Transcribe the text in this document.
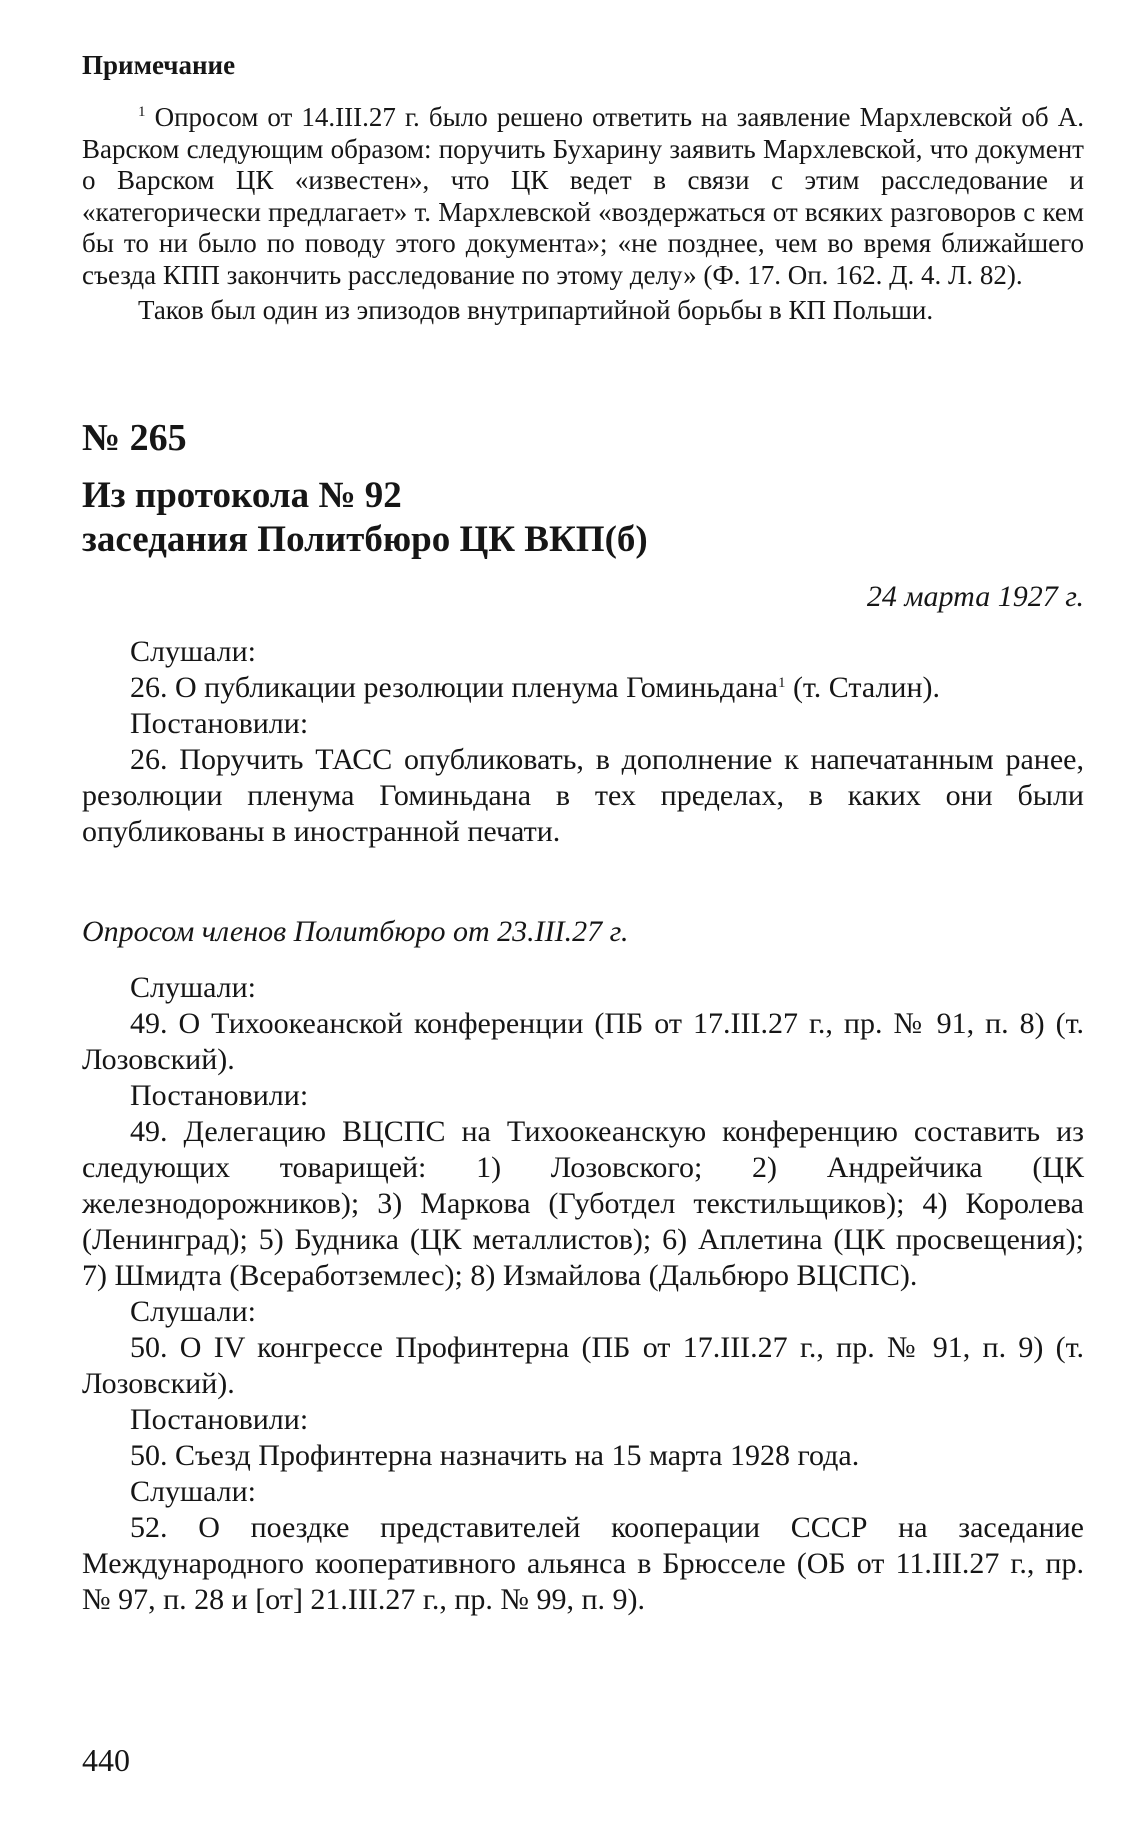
Примечание

$^1$ Опросом от 14.III.27 г. было решено ответить на заявление Мархлевской об А. Варском следующим образом: поручить Бухарину заявить Мархлевской, что документ о Варском ЦК «известен», что ЦК ведет в связи с этим расследование и «категорически предлагает» т. Мархлевской «воздержаться от всяких разговоров с кем бы то ни было по поводу этого документа»; «не позднее, чем во время ближайшего съезда КПП закончить расследование по этому делу» (Ф. 17. Оп. 162. Д. 4. Л. 82).

Таков был один из эпизодов внутрипартийной борьбы в КП Польши.

№ 265
Из протокола № 92
заседания Политбюро ЦК ВКП(б)
24 марта 1927 г.
Слушали:

26. О публикации резолюции пленума Гоминьдана$^1$ (т. Сталин).

Постановили:

26. Поручить ТАСС опубликовать, в дополнение к напечатанным ранее, резолюции пленума Гоминьдана в тех пределах, в каких они были опубликованы в иностранной печати.

Опросом членов Политбюро от 23.III.27 г.
Слушали:

49. О Тихоокеанской конференции (ПБ от 17.III.27 г., пр. № 91, п. 8) (т. Лозовский).

Постановили:

49. Делегацию ВЦСПС на Тихоокеанскую конференцию составить из следующих товарищей: 1) Лозовского; 2) Андрейчика (ЦК железнодорожников); 3) Маркова (Губотдел текстильщиков); 4) Королева (Ленинград); 5) Будника (ЦК металлистов); 6) Аплетина (ЦК просвещения); 7) Шмидта (Всеработземлес); 8) Измайлова (Дальбюро ВЦСПС).

Слушали:

50. О IV конгрессе Профинтерна (ПБ от 17.III.27 г., пр. № 91, п. 9) (т. Лозовский).

Постановили:

50. Съезд Профинтерна назначить на 15 марта 1928 года.

Слушали:

52. О поездке представителей кооперации СССР на заседание Международного кооперативного альянса в Брюсселе (ОБ от 11.III.27 г., пр. № 97, п. 28 и [от] 21.III.27 г., пр. № 99, п. 9).

440
